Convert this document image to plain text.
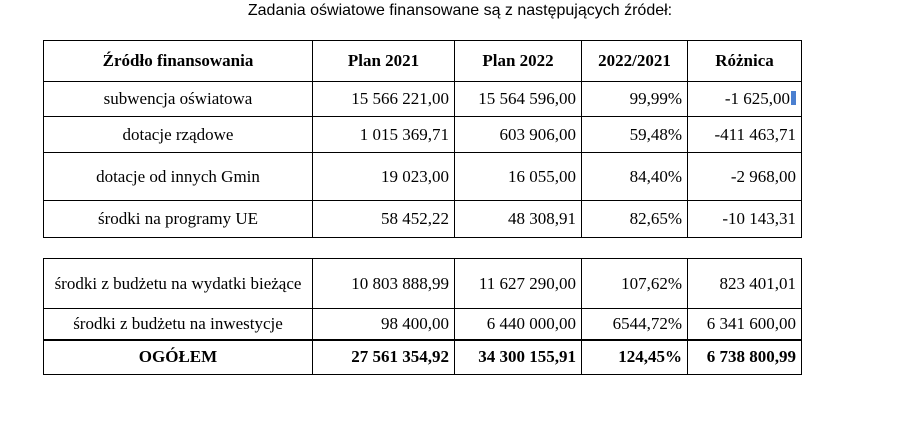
Zadania oświatowe finansowane są z następujących źródeł:
Źródło finansowania	Plan 2021	Plan 2022	2022/2021	Różnica
subwencja oświatowa	15 566 221,00	15 564 596,00	99,99%	-1 625,00
dotacje rządowe	1 015 369,71	603 906,00	59,48%	-411 463,71
dotacje od innych Gmin	19 023,00	16 055,00	84,40%	-2 968,00
środki na programy UE	58 452,22	48 308,91	82,65%	-10 143,31
środki z budżetu na wydatki bieżące	10 803 888,99	11 627 290,00	107,62%	823 401,01
środki z budżetu na inwestycje	98 400,00	6 440 000,00	6544,72%	6 341 600,00
OGÓŁEM	27 561 354,92	34 300 155,91	124,45%	6 738 800,99
